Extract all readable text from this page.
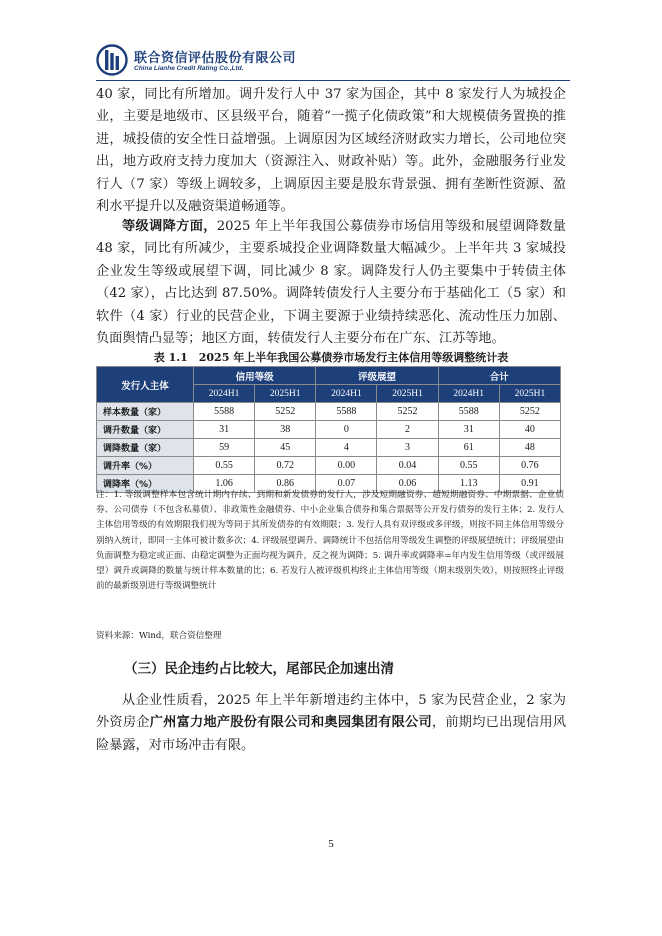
联合资信评估股份有限公司
China Lianhe Credit Rating Co.,Ltd.

40 家，同比有所增加。调升发行人中 37 家为国企，其中 8 家发行人为城投企业，主要是地级市、区县级平台，随着“一揽子化债政策”和大规模债务置换的推进，城投债的安全性日益增强。上调原因为区域经济财政实力增长，公司地位突出，地方政府支持力度加大（资源注入、财政补贴）等。此外，金融服务行业发行人（7 家）等级上调较多，上调原因主要是股东背景强、拥有垄断性资源、盈利水平提升以及融资渠道畅通等。

等级调降方面，2025 年上半年我国公募债券市场信用等级和展望调降数量 48 家，同比有所减少，主要系城投企业调降数量大幅减少。上半年共 3 家城投企业发生等级或展望下调，同比减少 8 家。调降发行人仍主要集中于转债主体（42 家），占比达到 87.50%。调降转债发行人主要分布于基础化工（5 家）和软件（4 家）行业的民营企业，下调主要源于业绩持续恶化、流动性压力加剧、负面舆情凸显等；地区方面，转债发行人主要分布在广东、江苏等地。

表 1.1　2025 年上半年我国公募债券市场发行主体信用等级调整统计表
发行人主体	信用等级		评级展望		合计	
	2024H1	2025H1	2024H1	2025H1	2024H1	2025H1
样本数量（家）	5588	5252	5588	5252	5588	5252
调升数量（家）	31	38	0	2	31	40
调降数量（家）	59	45	4	3	61	48
调升率（%）	0.55	0.72	0.00	0.04	0.55	0.76
调降率（%）	1.06	0.86	0.07	0.06	1.13	0.91

注：1. 等级调整样本包含统计期内存续、到期和新发债券的发行人，涉及短期融资券、超短期融资券、中期票据、企业债券、公司债券（不包含私募债）、非政策性金融债券、中小企业集合债券和集合票据等公开发行债券的发行主体；2. 发行人主体信用等级的有效期限我们视为等同于其所发债券的有效期限；3. 发行人具有双评级或多评级，则按不同主体信用等级分别纳入统计，即同一主体可被计数多次；4. 评级展望调升、调降统计不包括信用等级发生调整的评级展望统计；评级展望由负面调整为稳定或正面、由稳定调整为正面均视为调升，反之视为调降；5. 调升率或调降率=年内发生信用等级（或评级展望）调升或调降的数量与统计样本数量的比；6. 若发行人被评级机构终止主体信用等级（期末级别失效），则按照终止评级前的最新级别进行等级调整统计

资料来源：Wind，联合资信整理
（三）民企违约占比较大，尾部民企加速出清

从企业性质看，2025 年上半年新增违约主体中，5 家为民营企业，2 家为外资房企广州富力地产股份有限公司和奥园集团有限公司，前期均已出现信用风险暴露，对市场冲击有限。

5
